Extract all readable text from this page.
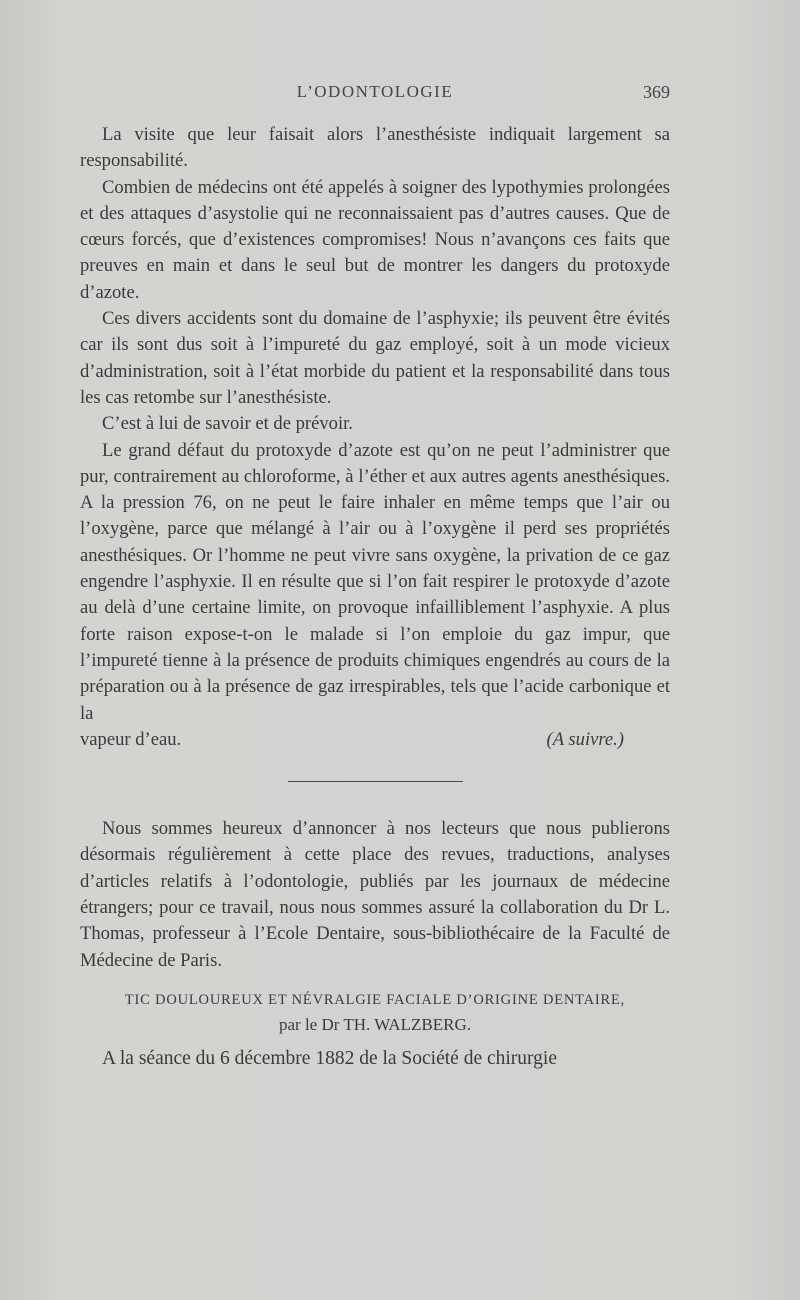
L’ODONTOLOGIE	369

La visite que leur faisait alors l’anesthésiste indiquait largement sa responsabilité.

Combien de médecins ont été appelés à soigner des lypothymies prolongées et des attaques d’asystolie qui ne reconnaissaient pas d’autres causes. Que de cœurs forcés, que d’existences compromises! Nous n’avançons ces faits que preuves en main et dans le seul but de montrer les dangers du protoxyde d’azote.

Ces divers accidents sont du domaine de l’asphyxie; ils peuvent être évités car ils sont dus soit à l’impureté du gaz employé, soit à un mode vicieux d’administration, soit à l’état morbide du patient et la responsabilité dans tous les cas retombe sur l’anesthésiste.

C’est à lui de savoir et de prévoir.

Le grand défaut du protoxyde d’azote est qu’on ne peut l’administrer que pur, contrairement au chloroforme, à l’éther et aux autres agents anesthésiques. A la pression 76, on ne peut le faire inhaler en même temps que l’air ou l’oxygène, parce que mélangé à l’air ou à l’oxygène il perd ses propriétés anesthésiques. Or l’homme ne peut vivre sans oxygène, la privation de ce gaz engendre l’asphyxie. Il en résulte que si l’on fait respirer le protoxyde d’azote au delà d’une certaine limite, on provoque infailliblement l’asphyxie. A plus forte raison expose-t-on le malade si l’on emploie du gaz impur, que l’impureté tienne à la présence de produits chimiques engendrés au cours de la préparation ou à la présence de gaz irrespirables, tels que l’acide carbonique et la

vapeur d’eau.	(A suivre.)

Nous sommes heureux d’annoncer à nos lecteurs que nous publierons désormais régulièrement à cette place des revues, traductions, analyses d’articles relatifs à l’odontologie, publiés par les journaux de médecine étrangers; pour ce travail, nous nous sommes assuré la collaboration du Dr L. Thomas, professeur à l’Ecole Dentaire, sous-bibliothécaire de la Faculté de Médecine de Paris.

TIC DOULOUREUX ET NÉVRALGIE FACIALE D’ORIGINE DENTAIRE,
par le Dr TH. WALZBERG.

A la séance du 6 décembre 1882 de la Société de chirurgie
